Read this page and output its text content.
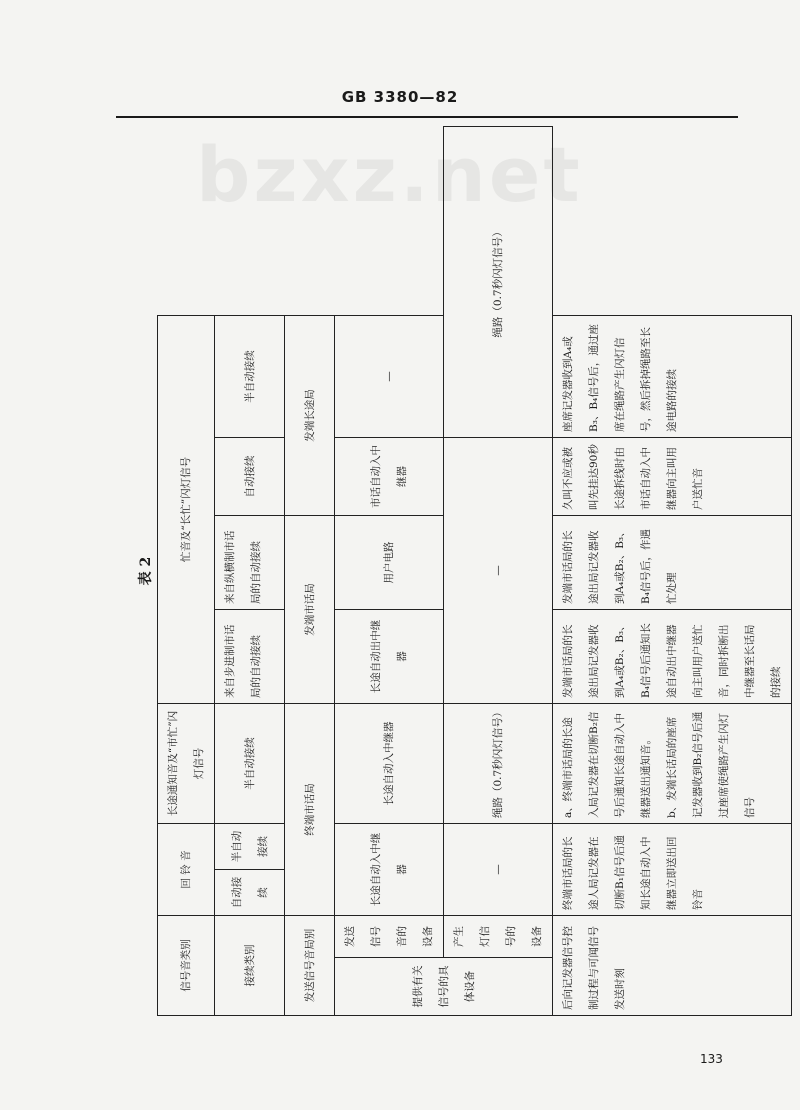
GB 3380—82
bzxz.net
表 2
信号音类别		回 铃 音		长途通知音及“市忙”闪灯信号	忙音及“长忙”闪灯信号			
接续类别		自动接续	半自动接续	半自动接续	来自步进制市话局的自动接续	来自纵横制市话局的自动接续	自动接续	半自动接续
发送信号音局别		终端市话局			发端市话局		发端长途局	
提供有关信号的具体设备	发送信号音的设备	长途自动入中继器		长途自动入中继器	长途自动出中继器	用户电路	市话自动入中继器	—
	产生灯信号的设备	—		绳路（0.7秒闪灯信号）	—			绳路（0.7秒闪灯信号）
后向记发器信号控制过程与可闻信号发送时刻		终端市话局的长途人局记发器在切断B₁信号后通知长途自动入中继器立即送出回铃音		a、终端市话局的长途入局记发器在切断B₂信号后通知长途自动入中继器送出通知音。 b、发端长话局的座席记发器收到B₂信号后通过座席使绳路产生闪灯信号	发端市话局的长途出局记发器收到A₄或B₂、B₃、B₄信号后通知长途自动出中继器向主叫用户送忙音，同时拆断出中继器至长话局的接续	发端市话局的长途出局记发器收到A₄或B₂、B₃、B₄信号后，作遇忙处理	久叫不应或被叫先挂达90秒长途拆线时由市话自动入中继器向主叫用户送忙音	座席记发器收到A₄或B₃、B₄信号后，通过座席在绳路产生闪灯信号，然后拆掉绳路至长途电路的接续
133
